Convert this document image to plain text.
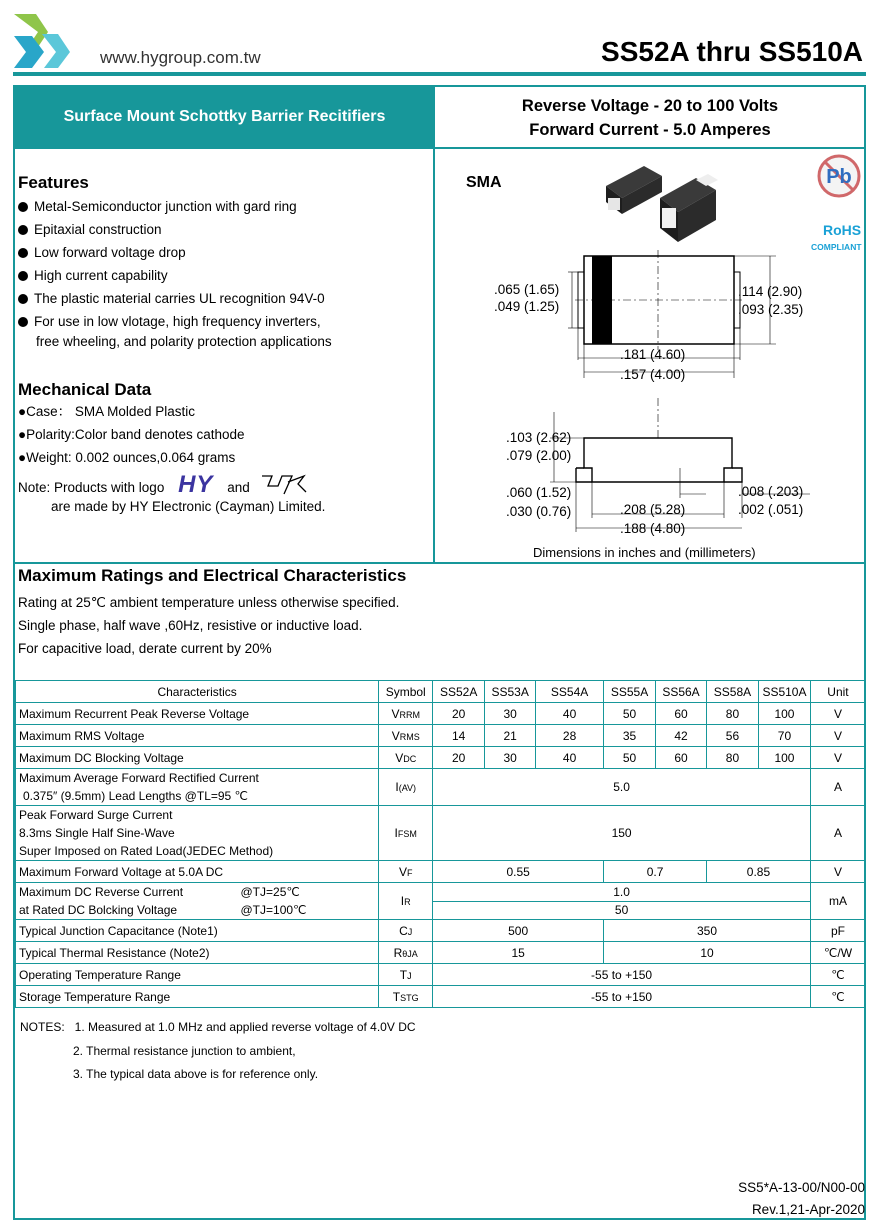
www.hygroup.com.tw	SS52A thru SS510A
Surface Mount Schottky Barrier Recitifiers
Reverse Voltage - 20 to 100 Volts
Forward Current - 5.0 Amperes
Features
Metal-Semiconductor junction with gard ring
Epitaxial construction
Low forward voltage drop
High current capability
The plastic material carries UL recognition 94V-0
For use in low vlotage, high frequency inverters,
free wheeling, and polarity protection applications
Mechanical Data
●Case： SMA Molded Plastic
●Polarity:Color band denotes cathode
●Weight: 0.002 ounces,0.064 grams
Note: Products with logo HY and
are made by HY Electronic (Cayman) Limited.
SMA	Pb
RoHS
COMPLIANT
.065 (1.65)
.049 (1.25)
.114 (2.90)
.093 (2.35)
.181 (4.60)
.157 (4.00)
.103 (2.62)
.079 (2.00)
.060 (1.52)
.030 (0.76)	.208 (5.28)
.188 (4.80)
.008 (.203)
.002 (.051)
Dimensions in inches and (millimeters)
Maximum Ratings and Electrical Characteristics
Rating at 25℃ ambient temperature unless otherwise specified.
Single phase, half wave ,60Hz, resistive or inductive load.
For capacitive load, derate current by 20%
Characteristics	Symbol	SS52A	SS53A	SS54A	SS55A	SS56A	SS58A	SS510A	Unit
Maximum Recurrent Peak Reverse Voltage	VRRM	20	30	40	50	60	80	100	V
Maximum RMS Voltage	VRMS	14	21	28	35	42	56	70	V
Maximum DC Blocking Voltage	VDC	20	30	40	50	60	80	100	V

Maximum Average Forward Rectified Current
0.375″ (9.5mm) Lead Lengths @TL=95 ℃	I(AV)	5.0							A

Peak Forward Surge Current
8.3ms Single Half Sine-Wave
Super Imposed on Rated Load(JEDEC Method)	IFSM	150							A
Maximum Forward Voltage at 5.0A DC	VF	0.55			0.7		0.85		V

Maximum DC Reverse Current @TJ=25℃
at Rated DC Bolcking Voltage @TJ=100℃	IR	1.0							mA
		50							
Typical Junction Capacitance (Note1)	CJ	500			350				pF
Typical Thermal Resistance (Note2)	RθJA	15			10				℃/W
Operating Temperature Range	TJ	-55 to +150							℃
Storage Temperature Range	TSTG	-55 to +150							℃
NOTES:   1. Measured at 1.0 MHz and applied reverse voltage of 4.0V DC
2. Thermal resistance junction to ambient,
3. The typical data above is for reference only.
SS5*A-13-00/N00-00
Rev.1,21-Apr-2020
